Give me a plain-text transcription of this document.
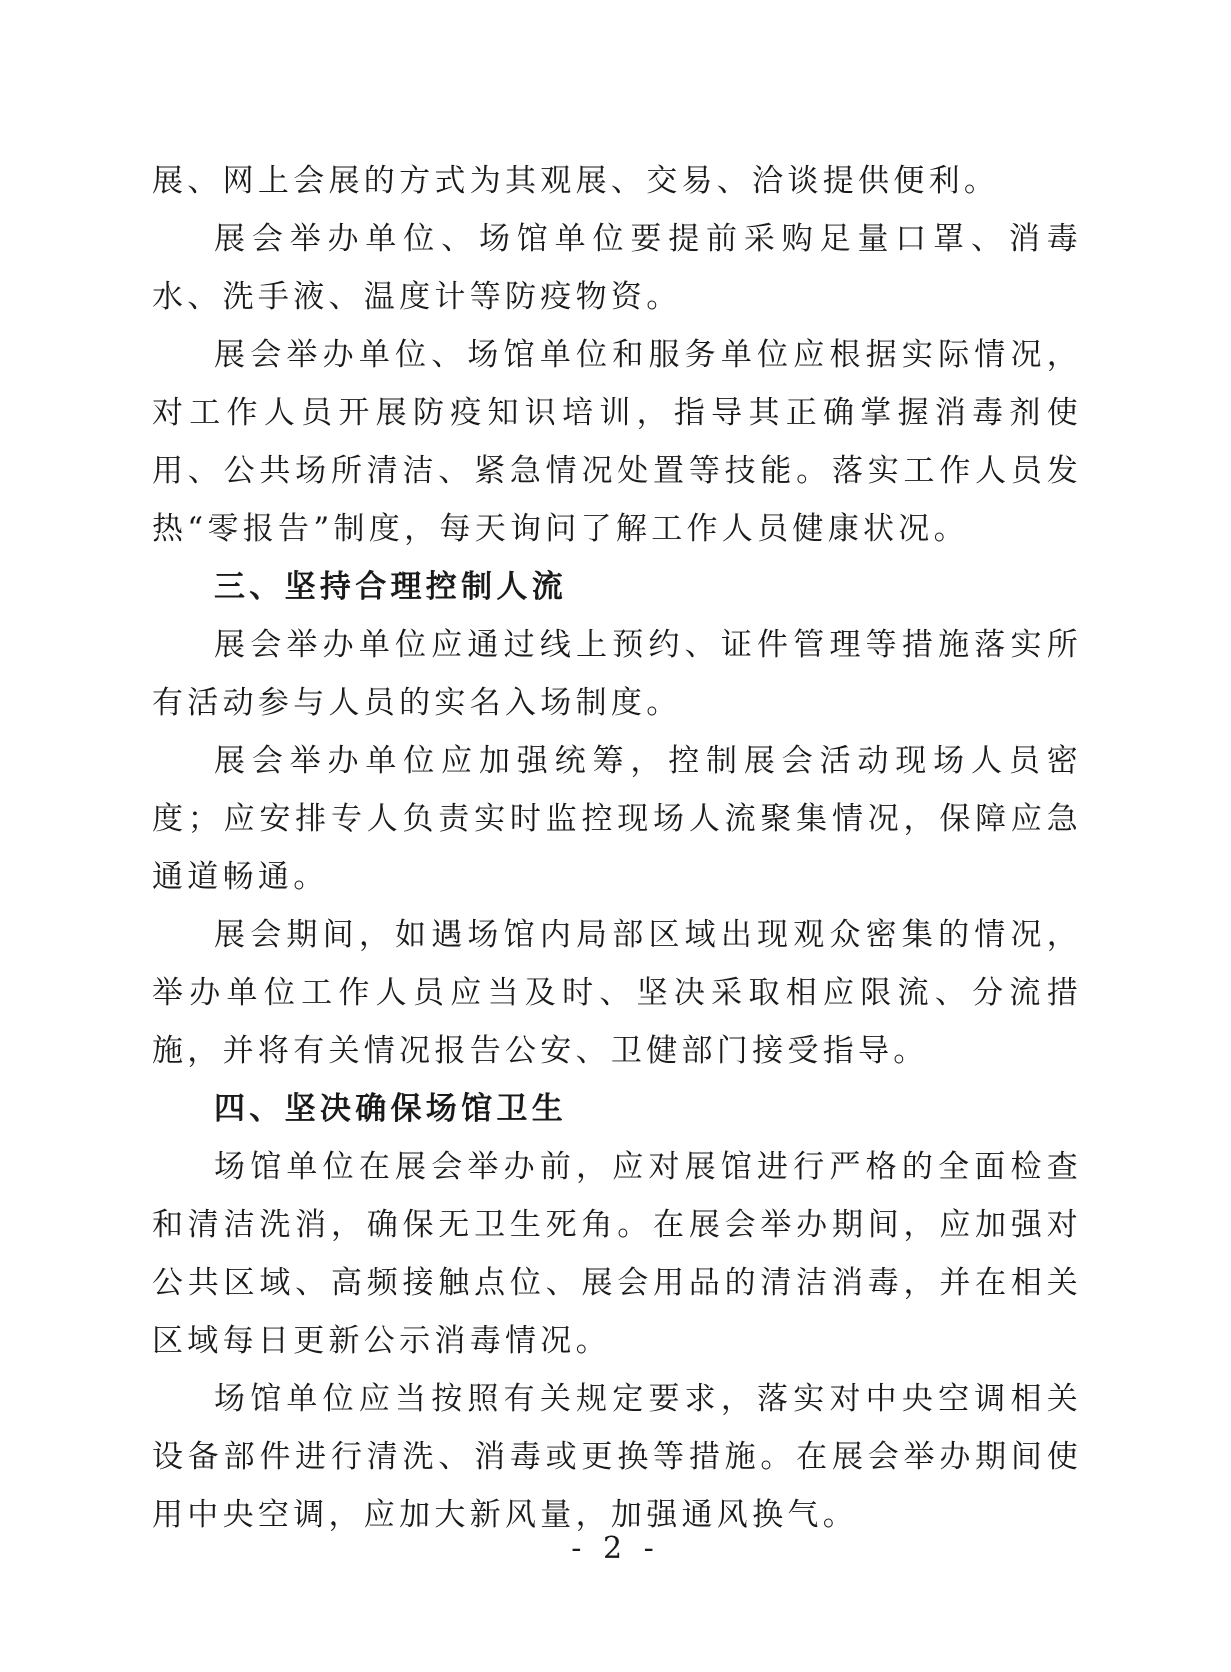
展、网上会展的方式为其观展、交易、洽谈提供便利。

展会举办单位、场馆单位要提前采购足量口罩、消毒水、洗手液、温度计等防疫物资。

展会举办单位、场馆单位和服务单位应根据实际情况，对工作人员开展防疫知识培训，指导其正确掌握消毒剂使用、公共场所清洁、紧急情况处置等技能。落实工作人员发热“零报告”制度，每天询问了解工作人员健康状况。

三、坚持合理控制人流

展会举办单位应通过线上预约、证件管理等措施落实所有活动参与人员的实名入场制度。

展会举办单位应加强统筹，控制展会活动现场人员密度；应安排专人负责实时监控现场人流聚集情况，保障应急通道畅通。

展会期间，如遇场馆内局部区域出现观众密集的情况，举办单位工作人员应当及时、坚决采取相应限流、分流措施，并将有关情况报告公安、卫健部门接受指导。

四、坚决确保场馆卫生

场馆单位在展会举办前，应对展馆进行严格的全面检查和清洁洗消，确保无卫生死角。在展会举办期间，应加强对公共区域、高频接触点位、展会用品的清洁消毒，并在相关区域每日更新公示消毒情况。

场馆单位应当按照有关规定要求，落实对中央空调相关设备部件进行清洗、消毒或更换等措施。在展会举办期间使用中央空调，应加大新风量，加强通风换气。

- 2 -
